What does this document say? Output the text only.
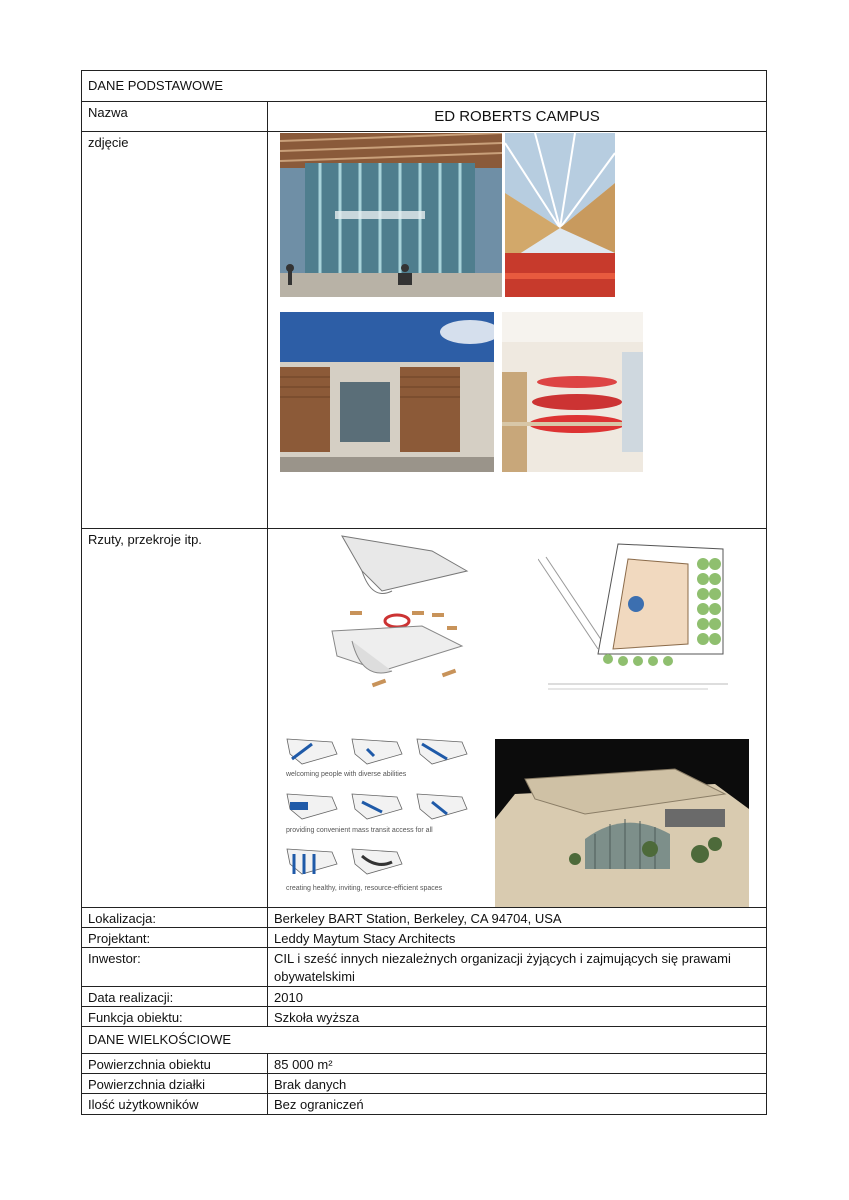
DANE PODSTAWOWE
Nazwa	ED ROBERTS CAMPUS
zdjęcie
Rzuty, przekroje itp.
welcoming people with diverse abilities
providing convenient mass transit access for all
creating healthy, inviting, resource-efficient spaces
Lokalizacja:	Berkeley BART Station, Berkeley, CA 94704, USA
Projektant:	Leddy Maytum Stacy Architects
Inwestor:	CIL i sześć innych niezależnych organizacji żyjących i zajmujących się prawami obywatelskimi
Data realizacji:	2010
Funkcja obiektu:	Szkoła wyższa
DANE WIELKOŚCIOWE
Powierzchnia obiektu	85 000 m²
Powierzchnia działki	Brak danych
Ilość użytkowników	Bez ograniczeń
